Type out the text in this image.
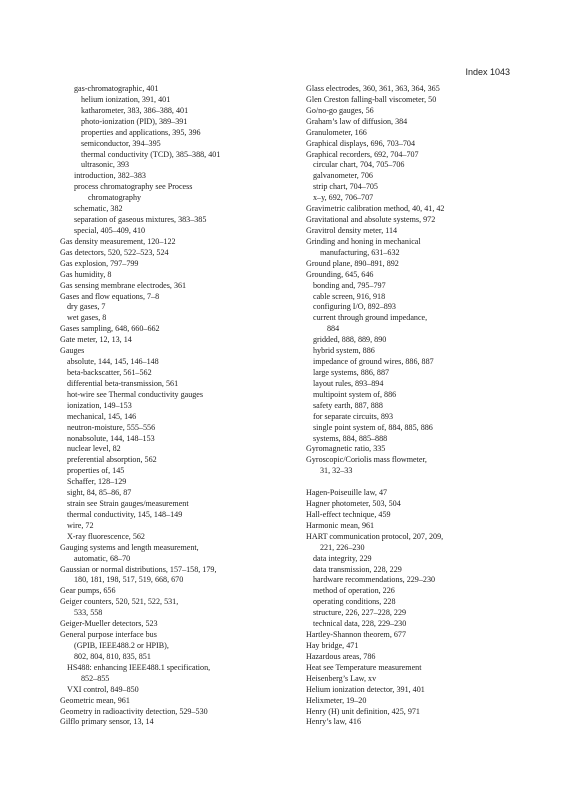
Index 1043
gas-chromatographic, 401
helium ionization, 391, 401
katharometer, 383, 386–388, 401
photo-ionization (PID), 389–391
properties and applications, 395, 396
semiconductor, 394–395
thermal conductivity (TCD), 385–388, 401
ultrasonic, 393
introduction, 382–383
process chromatography see Process
chromatography
schematic, 382
separation of gaseous mixtures, 383–385
special, 405–409, 410
Gas density measurement, 120–122
Gas detectors, 520, 522–523, 524
Gas explosion, 797–799
Gas humidity, 8
Gas sensing membrane electrodes, 361
Gases and flow equations, 7–8
dry gases, 7
wet gases, 8
Gases sampling, 648, 660–662
Gate meter, 12, 13, 14
Gauges
absolute, 144, 145, 146–148
beta-backscatter, 561–562
differential beta-transmission, 561
hot-wire see Thermal conductivity gauges
ionization, 149–153
mechanical, 145, 146
neutron-moisture, 555–556
nonabsolute, 144, 148–153
nuclear level, 82
preferential absorption, 562
properties of, 145
Schaffer, 128–129
sight, 84, 85–86, 87
strain see Strain gauges/measurement
thermal conductivity, 145, 148–149
wire, 72
X-ray fluorescence, 562
Gauging systems and length measurement,
automatic, 68–70
Gaussian or normal distributions, 157–158, 179,
180, 181, 198, 517, 519, 668, 670
Gear pumps, 656
Geiger counters, 520, 521, 522, 531,
533, 558
Geiger-Mueller detectors, 523
General purpose interface bus
(GPIB, IEEE488.2 or HPIB),
802, 804, 810, 835, 851
HS488: enhancing IEEE488.1 specification,
852–855
VXI control, 849–850
Geometric mean, 961
Geometry in radioactivity detection, 529–530
Gilflo primary sensor, 13, 14
Glass electrodes, 360, 361, 363, 364, 365
Glen Creston falling-ball viscometer, 50
Go/no-go gauges, 56
Graham’s law of diffusion, 384
Granulometer, 166
Graphical displays, 696, 703–704
Graphical recorders, 692, 704–707
circular chart, 704, 705–706
galvanometer, 706
strip chart, 704–705
x–y, 692, 706–707
Gravimetric calibration method, 40, 41, 42
Gravitational and absolute systems, 972
Gravitrol density meter, 114
Grinding and honing in mechanical
manufacturing, 631–632
Ground plane, 890–891, 892
Grounding, 645, 646
bonding and, 795–797
cable screen, 916, 918
configuring I/O, 892–893
current through ground impedance,
884
gridded, 888, 889, 890
hybrid system, 886
impedance of ground wires, 886, 887
large systems, 886, 887
layout rules, 893–894
multipoint system of, 886
safety earth, 887, 888
for separate circuits, 893
single point system of, 884, 885, 886
systems, 884, 885–888
Gyromagnetic ratio, 335
Gyroscopic/Coriolis mass flowmeter,
31, 32–33
Hagen-Poiseuille law, 47
Hagner photometer, 503, 504
Hall-effect technique, 459
Harmonic mean, 961
HART communication protocol, 207, 209,
221, 226–230
data integrity, 229
data transmission, 228, 229
hardware recommendations, 229–230
method of operation, 226
operating conditions, 228
structure, 226, 227–228, 229
technical data, 228, 229–230
Hartley-Shannon theorem, 677
Hay bridge, 471
Hazardous areas, 786
Heat see Temperature measurement
Heisenberg’s Law, xv
Helium ionization detector, 391, 401
Helixmeter, 19–20
Henry (H) unit definition, 425, 971
Henry’s law, 416
